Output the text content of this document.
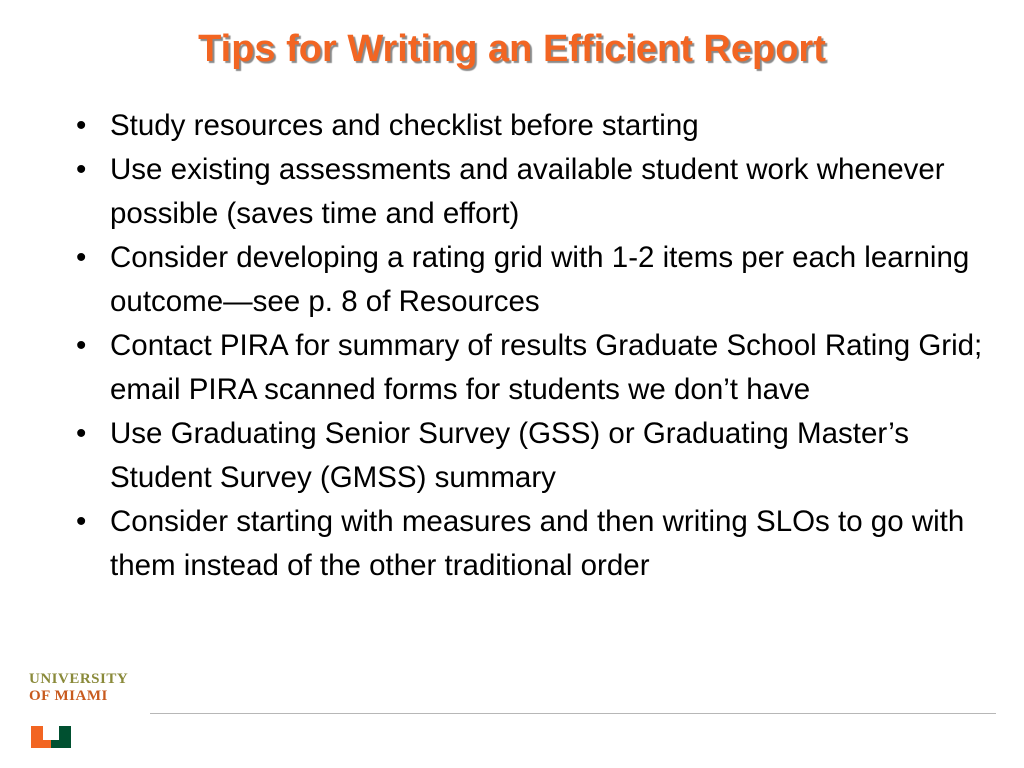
Tips for Writing an Efficient Report
• Study resources and checklist before starting
• Use existing assessments and available student work whenever possible (saves time and effort)
• Consider developing a rating grid with 1-2 items per each learning outcome—see p. 8 of Resources
• Contact PIRA for summary of results Graduate School Rating Grid; email PIRA scanned forms for students we don’t have
• Use Graduating Senior Survey (GSS) or Graduating Master’s Student Survey (GMSS) summary
• Consider starting with measures and then writing SLOs to go with them instead of the other traditional order

UNIVERSITY

OF MIAMI
